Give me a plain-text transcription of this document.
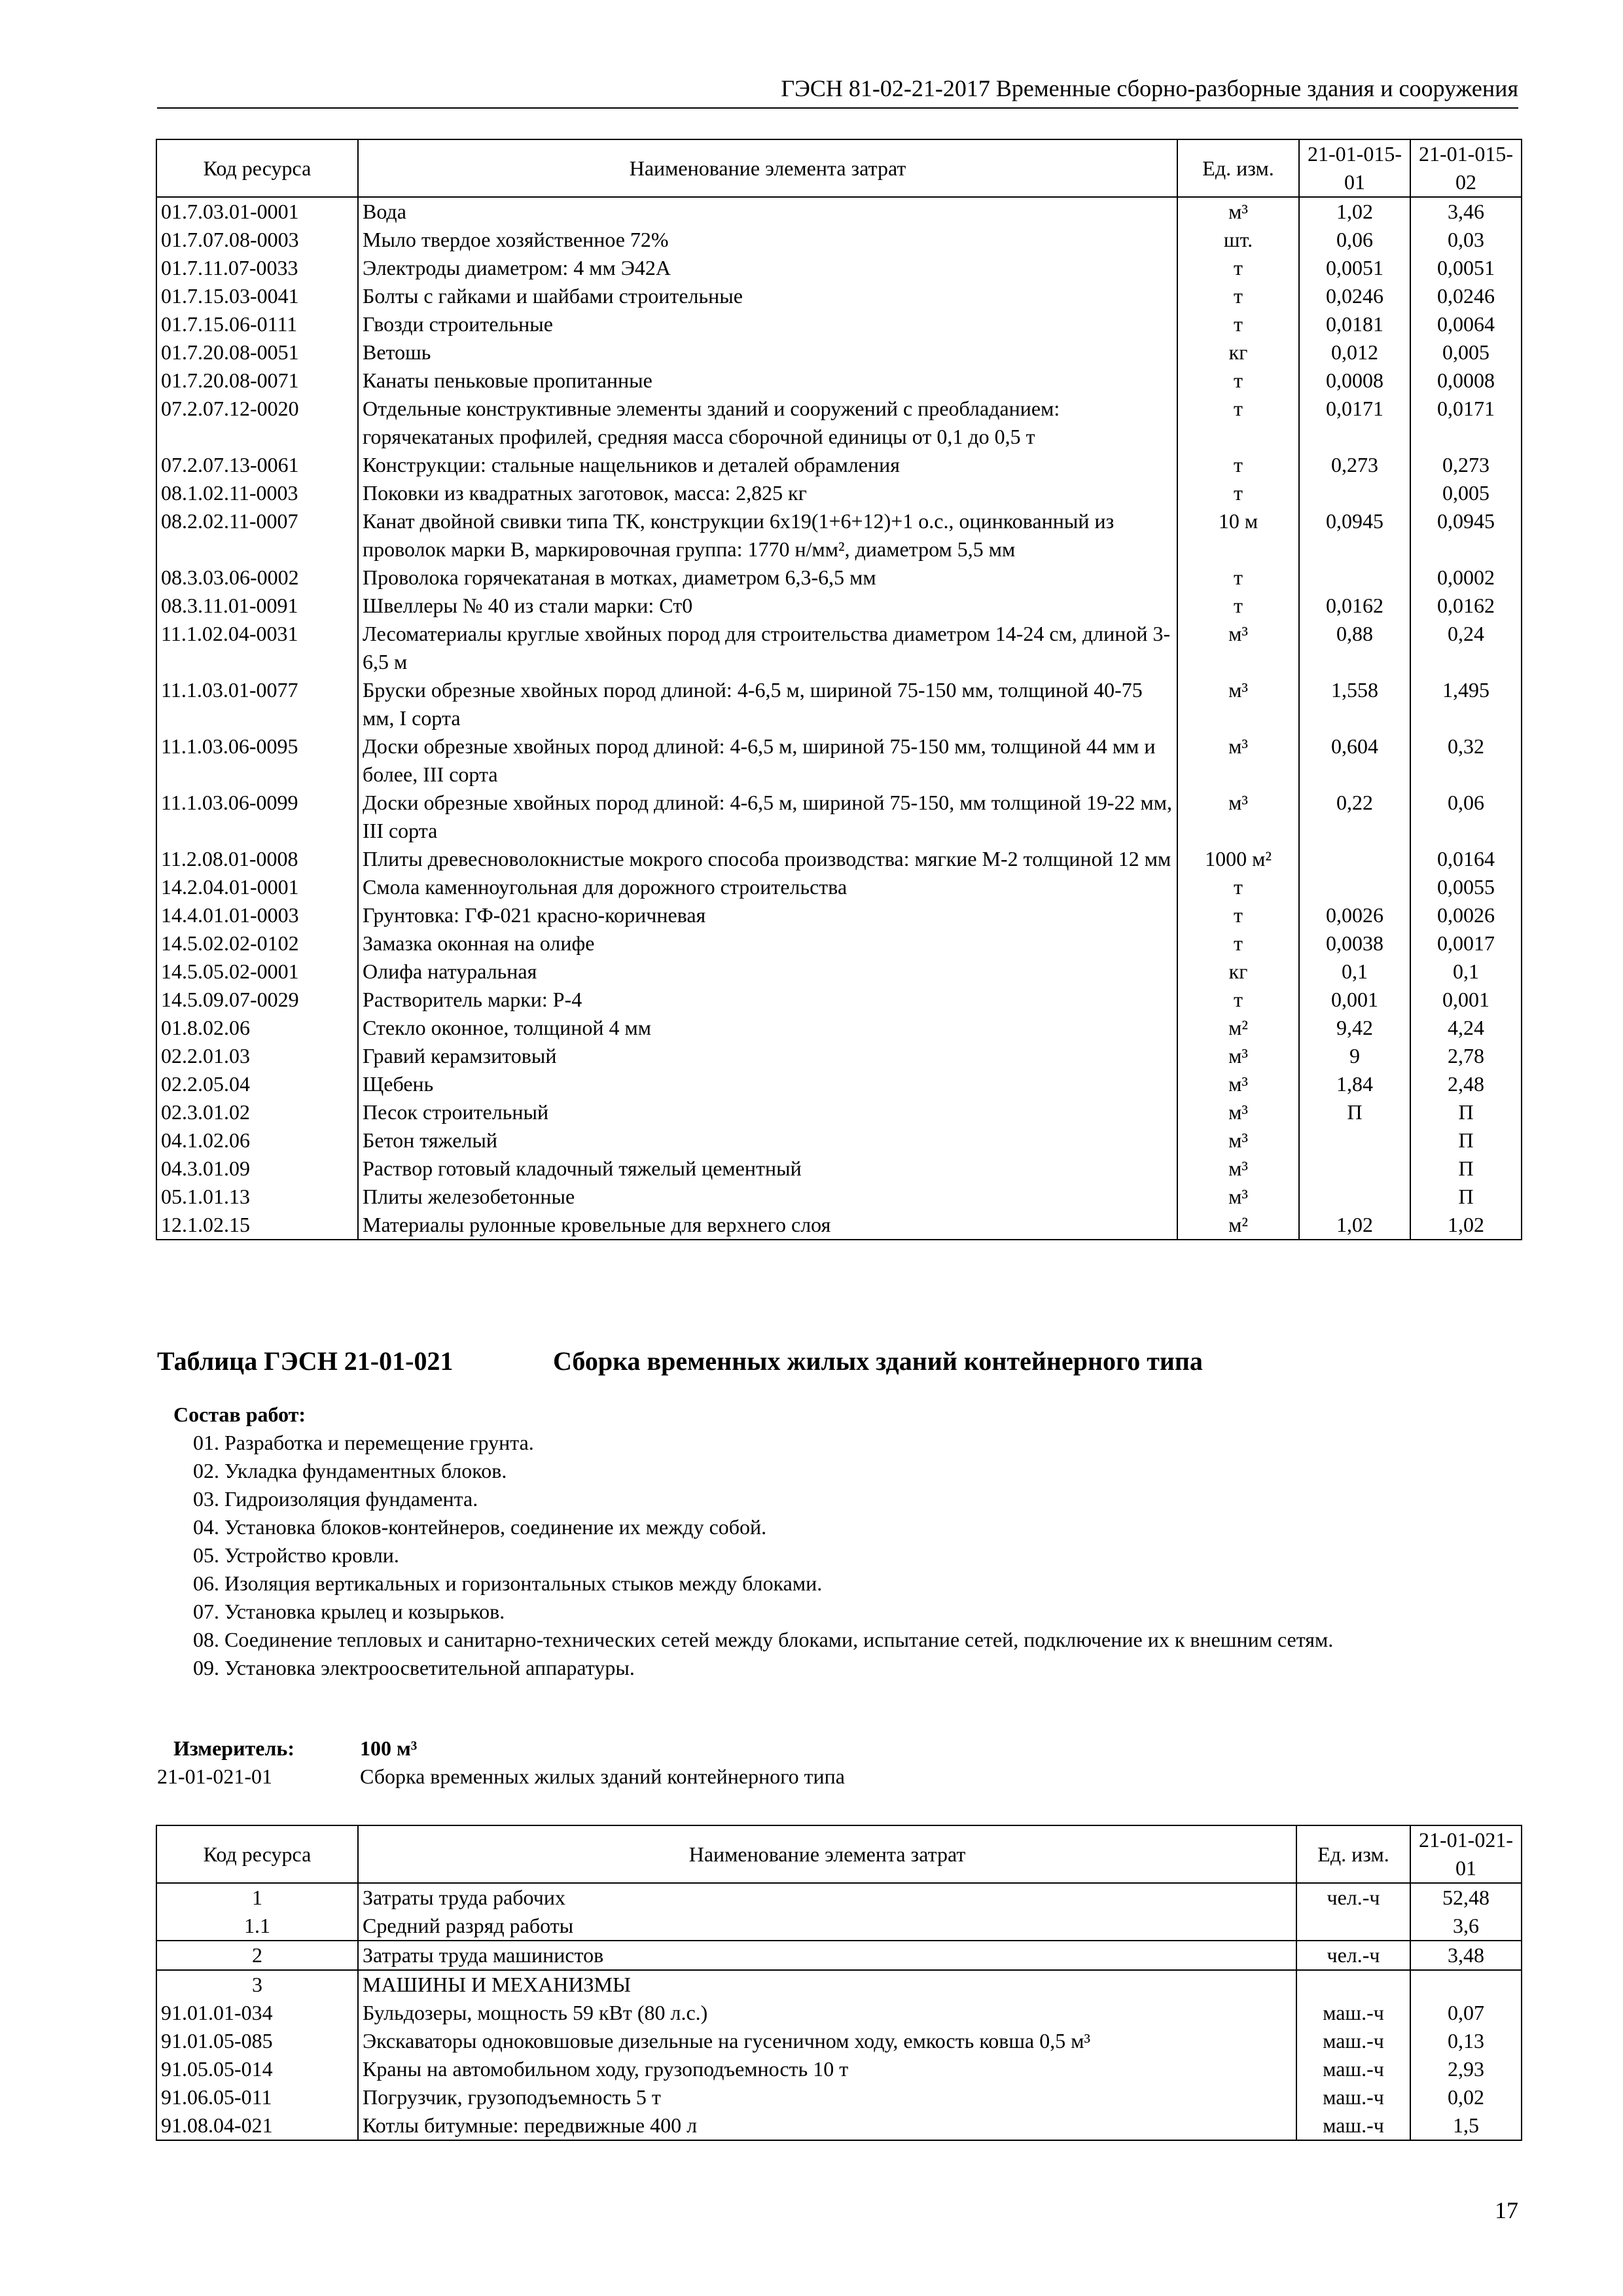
ГЭСН 81-02-21-2017 Временные сборно-разборные здания и сооружения
Код ресурса	Наименование элемента затрат	Ед. изм.	21-01-015-01	21-01-015-02
01.7.03.01-0001	Вода	м³	1,02	3,46
01.7.07.08-0003	Мыло твердое хозяйственное 72%	шт.	0,06	0,03
01.7.11.07-0033	Электроды диаметром: 4 мм Э42А	т	0,0051	0,0051
01.7.15.03-0041	Болты с гайками и шайбами строительные	т	0,0246	0,0246
01.7.15.06-0111	Гвозди строительные	т	0,0181	0,0064
01.7.20.08-0051	Ветошь	кг	0,012	0,005
01.7.20.08-0071	Канаты пеньковые пропитанные	т	0,0008	0,0008
07.2.07.12-0020	Отдельные конструктивные элементы зданий и сооружений с преобладанием: горячекатаных профилей, средняя масса сборочной единицы от 0,1 до 0,5 т	т	0,0171	0,0171
07.2.07.13-0061	Конструкции: стальные нащельников и деталей обрамления	т	0,273	0,273
08.1.02.11-0003	Поковки из квадратных заготовок, масса: 2,825 кг	т		0,005
08.2.02.11-0007	Канат двойной свивки типа ТК, конструкции 6x19(1+6+12)+1 о.с., оцинкованный из проволок марки В, маркировочная группа: 1770 н/мм², диаметром 5,5 мм	10 м	0,0945	0,0945
08.3.03.06-0002	Проволока горячекатаная в мотках, диаметром 6,3-6,5 мм	т		0,0002
08.3.11.01-0091	Швеллеры № 40 из стали марки: Ст0	т	0,0162	0,0162
11.1.02.04-0031	Лесоматериалы круглые хвойных пород для строительства диаметром 14-24 см, длиной 3-6,5 м	м³	0,88	0,24
11.1.03.01-0077	Бруски обрезные хвойных пород длиной: 4-6,5 м, шириной 75-150 мм, толщиной 40-75 мм, I сорта	м³	1,558	1,495
11.1.03.06-0095	Доски обрезные хвойных пород длиной: 4-6,5 м, шириной 75-150 мм, толщиной 44 мм и более, III сорта	м³	0,604	0,32
11.1.03.06-0099	Доски обрезные хвойных пород длиной: 4-6,5 м, шириной 75-150, мм толщиной 19-22 мм, III сорта	м³	0,22	0,06
11.2.08.01-0008	Плиты древесноволокнистые мокрого способа производства: мягкие М-2 толщиной 12 мм	1000 м²		0,0164
14.2.04.01-0001	Смола каменноугольная для дорожного строительства	т		0,0055
14.4.01.01-0003	Грунтовка: ГФ-021 красно-коричневая	т	0,0026	0,0026
14.5.02.02-0102	Замазка оконная на олифе	т	0,0038	0,0017
14.5.05.02-0001	Олифа натуральная	кг	0,1	0,1
14.5.09.07-0029	Растворитель марки: Р-4	т	0,001	0,001
01.8.02.06	Стекло оконное, толщиной 4 мм	м²	9,42	4,24
02.2.01.03	Гравий керамзитовый	м³	9	2,78
02.2.05.04	Щебень	м³	1,84	2,48
02.3.01.02	Песок строительный	м³	П	П
04.1.02.06	Бетон тяжелый	м³		П
04.3.01.09	Раствор готовый кладочный тяжелый цементный	м³		П
05.1.01.13	Плиты железобетонные	м³		П
12.1.02.15	Материалы рулонные кровельные для верхнего слоя	м²	1,02	1,02
Таблица ГЭСН 21-01-021	Сборка временных жилых зданий контейнерного типа
Состав работ:
01. Разработка и перемещение грунта.
02. Укладка фундаментных блоков.
03. Гидроизоляция фундамента.
04. Установка блоков-контейнеров, соединение их между собой.
05. Устройство кровли.
06. Изоляция вертикальных и горизонтальных стыков между блоками.
07. Установка крылец и козырьков.
08. Соединение тепловых и санитарно-технических сетей между блоками, испытание сетей, подключение их к внешним сетям.
09. Установка электроосветительной аппаратуры.
Измеритель:	100 м³
21-01-021-01	Сборка временных жилых зданий контейнерного типа
Код ресурса	Наименование элемента затрат	Ед. изм.	21-01-021-01
1	Затраты труда рабочих	чел.-ч	52,48
1.1	Средний разряд работы		3,6
2	Затраты труда машинистов	чел.-ч	3,48
3	МАШИНЫ И МЕХАНИЗМЫ		
91.01.01-034	Бульдозеры, мощность 59 кВт (80 л.с.)	маш.-ч	0,07
91.01.05-085	Экскаваторы одноковшовые дизельные на гусеничном ходу, емкость ковша 0,5 м³	маш.-ч	0,13
91.05.05-014	Краны на автомобильном ходу, грузоподъемность 10 т	маш.-ч	2,93
91.06.05-011	Погрузчик, грузоподъемность 5 т	маш.-ч	0,02
91.08.04-021	Котлы битумные: передвижные 400 л	маш.-ч	1,5
17
